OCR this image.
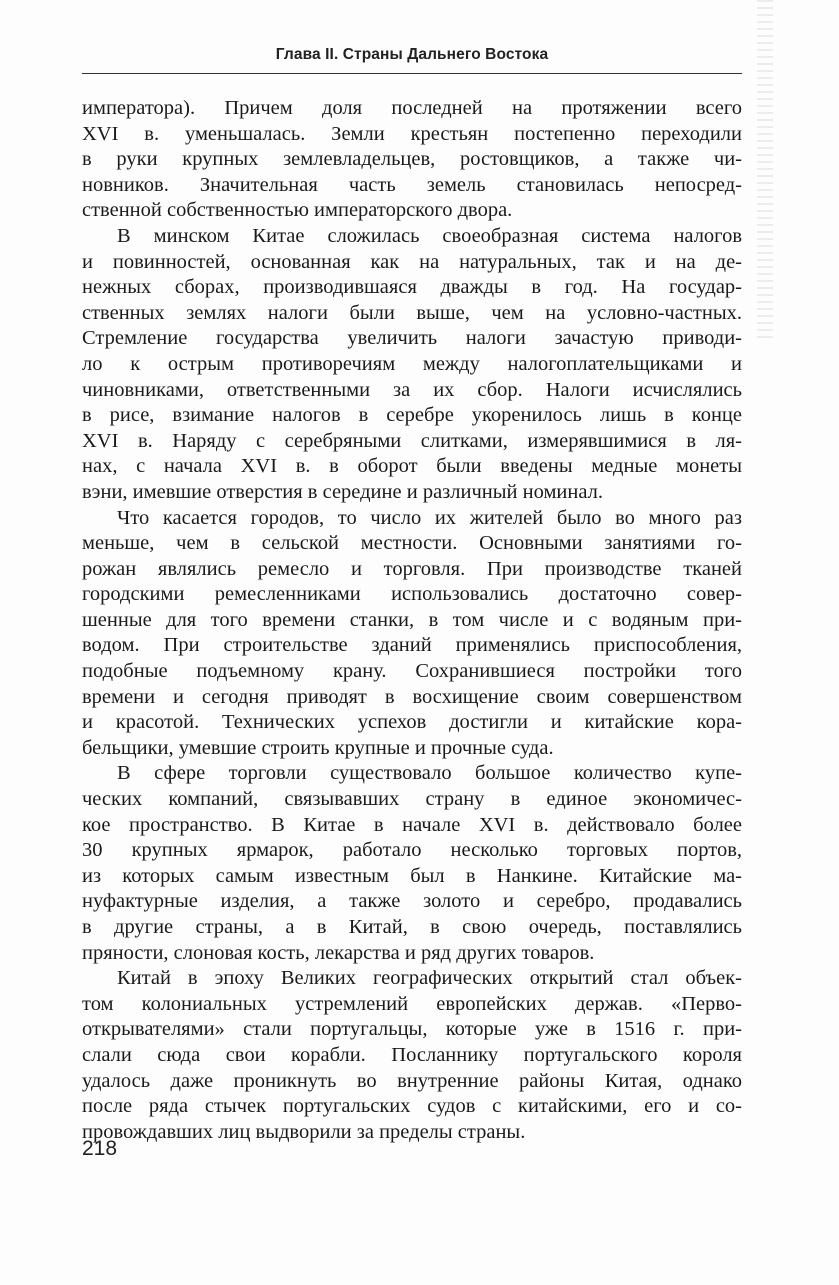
Глава II. Страны Дальнего Востока
императора). Причем доля последней на протяжении всего
XVI в. уменьшалась. Земли крестьян постепенно переходили
в руки крупных землевладельцев, ростовщиков, а также чи-
новников. Значительная часть земель становилась непосред-
ственной собственностью императорского двора.
В минском Китае сложилась своеобразная система налогов
и повинностей, основанная как на натуральных, так и на де-
нежных сборах, производившаяся дважды в год. На государ-
ственных землях налоги были выше, чем на условно-частных.
Стремление государства увеличить налоги зачастую приводи-
ло к острым противоречиям между налогоплательщиками и
чиновниками, ответственными за их сбор. Налоги исчислялись
в рисе, взимание налогов в серебре укоренилось лишь в конце
XVI в. Наряду с серебряными слитками, измерявшимися в ля-
нах, с начала XVI в. в оборот были введены медные монеты
вэни, имевшие отверстия в середине и различный номинал.
Что касается городов, то число их жителей было во много раз
меньше, чем в сельской местности. Основными занятиями го-
рожан являлись ремесло и торговля. При производстве тканей
городскими ремесленниками использовались достаточно совер-
шенные для того времени станки, в том числе и с водяным при-
водом. При строительстве зданий применялись приспособления,
подобные подъемному крану. Сохранившиеся постройки того
времени и сегодня приводят в восхищение своим совершенством
и красотой. Технических успехов достигли и китайские кора-
бельщики, умевшие строить крупные и прочные суда.
В сфере торговли существовало большое количество купе-
ческих компаний, связывавших страну в единое экономичес-
кое пространство. В Китае в начале XVI в. действовало более
30 крупных ярмарок, работало несколько торговых портов,
из которых самым известным был в Нанкине. Китайские ма-
нуфактурные изделия, а также золото и серебро, продавались
в другие страны, а в Китай, в свою очередь, поставлялись
пряности, слоновая кость, лекарства и ряд других товаров.
Китай в эпоху Великих географических открытий стал объек-
том колониальных устремлений европейских держав. «Перво-
открывателями» стали португальцы, которые уже в 1516 г. при-
слали сюда свои корабли. Посланнику португальского короля
удалось даже проникнуть во внутренние районы Китая, однако
после ряда стычек португальских судов с китайскими, его и со-
провождавших лиц выдворили за пределы страны.
218
